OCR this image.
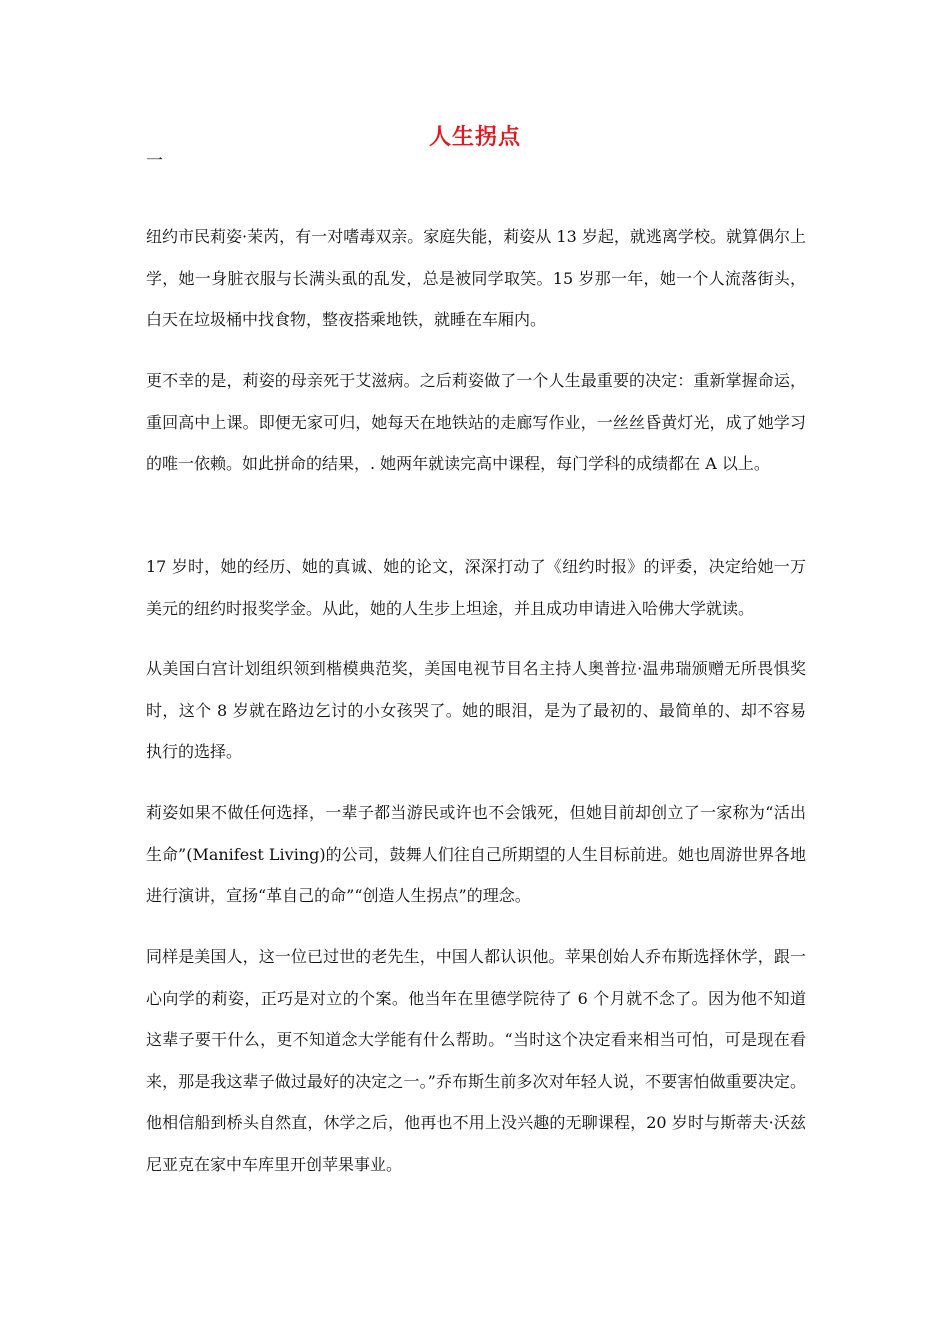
人生拐点
一

纽约市民莉姿·茉芮，有一对嗜毒双亲。家庭失能，莉姿从 13 岁起，就逃离学校。就算偶尔上学，她一身脏衣服与长满头虱的乱发，总是被同学取笑。15 岁那一年，她一个人流落街头，白天在垃圾桶中找食物，整夜搭乘地铁，就睡在车厢内。

更不幸的是，莉姿的母亲死于艾滋病。之后莉姿做了一个人生最重要的决定：重新掌握命运，重回高中上课。即便无家可归，她每天在地铁站的走廊写作业，一丝丝昏黄灯光，成了她学习的唯一依赖。如此拼命的结果，. 她两年就读完高中课程，每门学科的成绩都在 A 以上。

17 岁时，她的经历、她的真诚、她的论文，深深打动了《纽约时报》的评委，决定给她一万美元的纽约时报奖学金。从此，她的人生步上坦途，并且成功申请进入哈佛大学就读。

从美国白宫计划组织领到楷模典范奖，美国电视节目名主持人奥普拉·温弗瑞颁赠无所畏惧奖时，这个 8 岁就在路边乞讨的小女孩哭了。她的眼泪，是为了最初的、最简单的、却不容易执行的选择。

莉姿如果不做任何选择，一辈子都当游民或许也不会饿死，但她目前却创立了一家称为“活出生命”(Manifest Living)的公司，鼓舞人们往自己所期望的人生目标前进。她也周游世界各地进行演讲，宣扬“革自己的命”“创造人生拐点”的理念。

同样是美国人，这一位已过世的老先生，中国人都认识他。苹果创始人乔布斯选择休学，跟一心向学的莉姿，正巧是对立的个案。他当年在里德学院待了 6 个月就不念了。因为他不知道这辈子要干什么，更不知道念大学能有什么帮助。“当时这个决定看来相当可怕，可是现在看来，那是我这辈子做过最好的决定之一。”乔布斯生前多次对年轻人说，不要害怕做重要决定。他相信船到桥头自然直，休学之后，他再也不用上没兴趣的无聊课程，20 岁时与斯蒂夫·沃兹尼亚克在家中车库里开创苹果事业。
